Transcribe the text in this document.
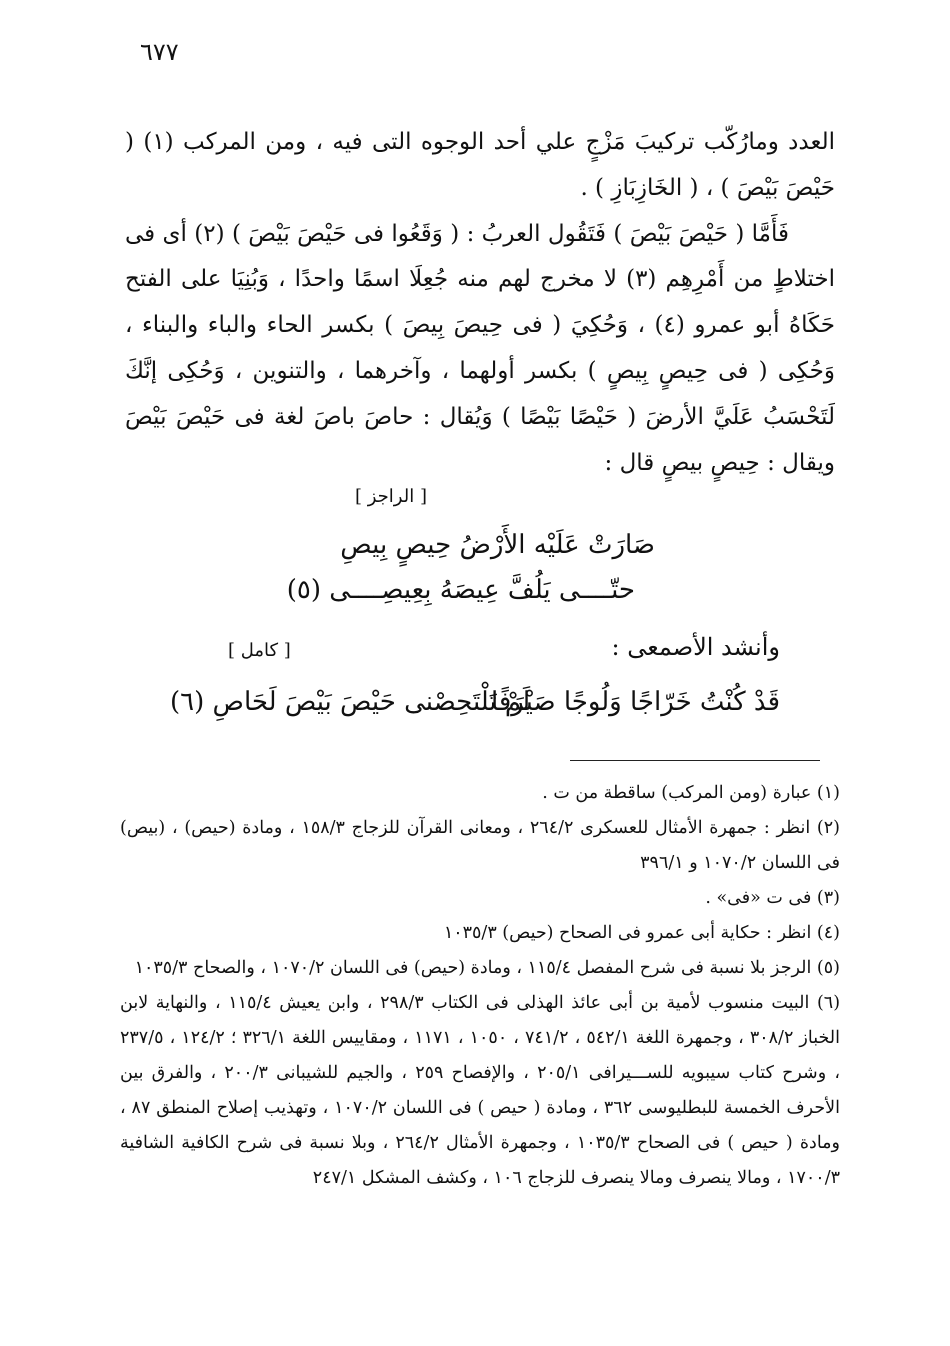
٦٧٧

العدد ومارُكّب تركيبَ مَزْجٍ علي أحد الوجوه التى فيه ، ومن المركب (١) ( حَيْصَ بَيْصَ ) ، ( الخَازِبَازِ ) .

فَأَمَّا ( حَيْصَ بَيْصَ ) فَتَقُول العربُ : ( وَقَعُوا فى حَيْصَ بَيْصَ ) (٢) أى فى اختلاطٍ من أَمْرِهِم (٣) لا مخرج لهم منه جُعِلَا اسمًا واحدًا ، وَبُنِيَا على الفتح حَكَاهُ أبو عمرو (٤) ، وَحُكِيَ ( فى حِيصَ بِيصَ ) بكسر الحاء والباء والبناء ، وَحُكِى ( فى حِيصٍ بِيصٍ ) بكسر أولهما ، وآخرهما ، والتنوين ، وَحُكِى إنَّكَ لَتَحْسَبُ عَلَيَّ الأرضَ ( حَيْصًا بَيْصًا ) وَيُقال : حاصَ باصَ لغة فى حَيْصَ بَيْصَ ويقال : حِيصٍ بيصٍ قال :

[ الراجز ]
صَارَتْ عَلَيْه الأَرْضُ حِيصٍ بِيصِ
حتّــــى يَلُفَّ عِيصَهُ بِعِيصِــــى (٥)
وأنشد الأصمعى :
[ كامل ]
قَدْ كُنْتُ خَرّاجًا وَلُوجًا صَيْرَفًا
لَمْ تَلْتَحِصْنى حَيْصَ بَيْصَ لَحَاصِ (٦)

(١) عبارة (ومن المركب) ساقطة من ت .

(٢) انظر : جمهرة الأمثال للعسكرى ٢٦٤/٢ ، ومعانى القرآن للزجاج ١٥٨/٣ ، ومادة (حيص) ، (بيص) فى اللسان ١٠٧٠/٢ و ٣٩٦/١

(٣) فى ت «فى» .

(٤) انظر : حكاية أبى عمرو فى الصحاح (حيص) ١٠٣٥/٣

(٥) الرجز بلا نسبة فى شرح المفصل ١١٥/٤ ، ومادة (حيص) فى اللسان ١٠٧٠/٢ ، والصحاح ١٠٣٥/٣

(٦) البيت منسوب لأمية بن أبى عائذ الهذلى فى الكتاب ٢٩٨/٣ ، وابن يعيش ١١٥/٤ ، والنهاية لابن الخباز ٣٠٨/٢ ، وجمهرة اللغة ٥٤٢/١ ، ٧٤١/٢ ، ١٠٥٠ ، ١١٧١ ، ومقاييس اللغة ٣٢٦/١ ؛ ١٢٤/٢ ، ٢٣٧/٥ ، وشرح كتاب سيبويه للســـيرافى ٢٠٥/١ ، والإفصاح ٢٥٩ ، والجيم للشيبانى ٢٠٠/٣ ، والفرق بين الأحرف الخمسة للبطليوسى ٣٦٢ ، ومادة ( حيص ) فى اللسان ١٠٧٠/٢ ، وتهذيب إصلاح المنطق ٨٧ ، ومادة ( حيص ) فى الصحاح ١٠٣٥/٣ ، وجمهرة الأمثال ٢٦٤/٢ ، وبلا نسبة فى شرح الكافية الشافية ١٧٠٠/٣ ، ومالا ينصرف ومالا ينصرف للزجاج ١٠٦ ، وكشف المشكل ٢٤٧/١
